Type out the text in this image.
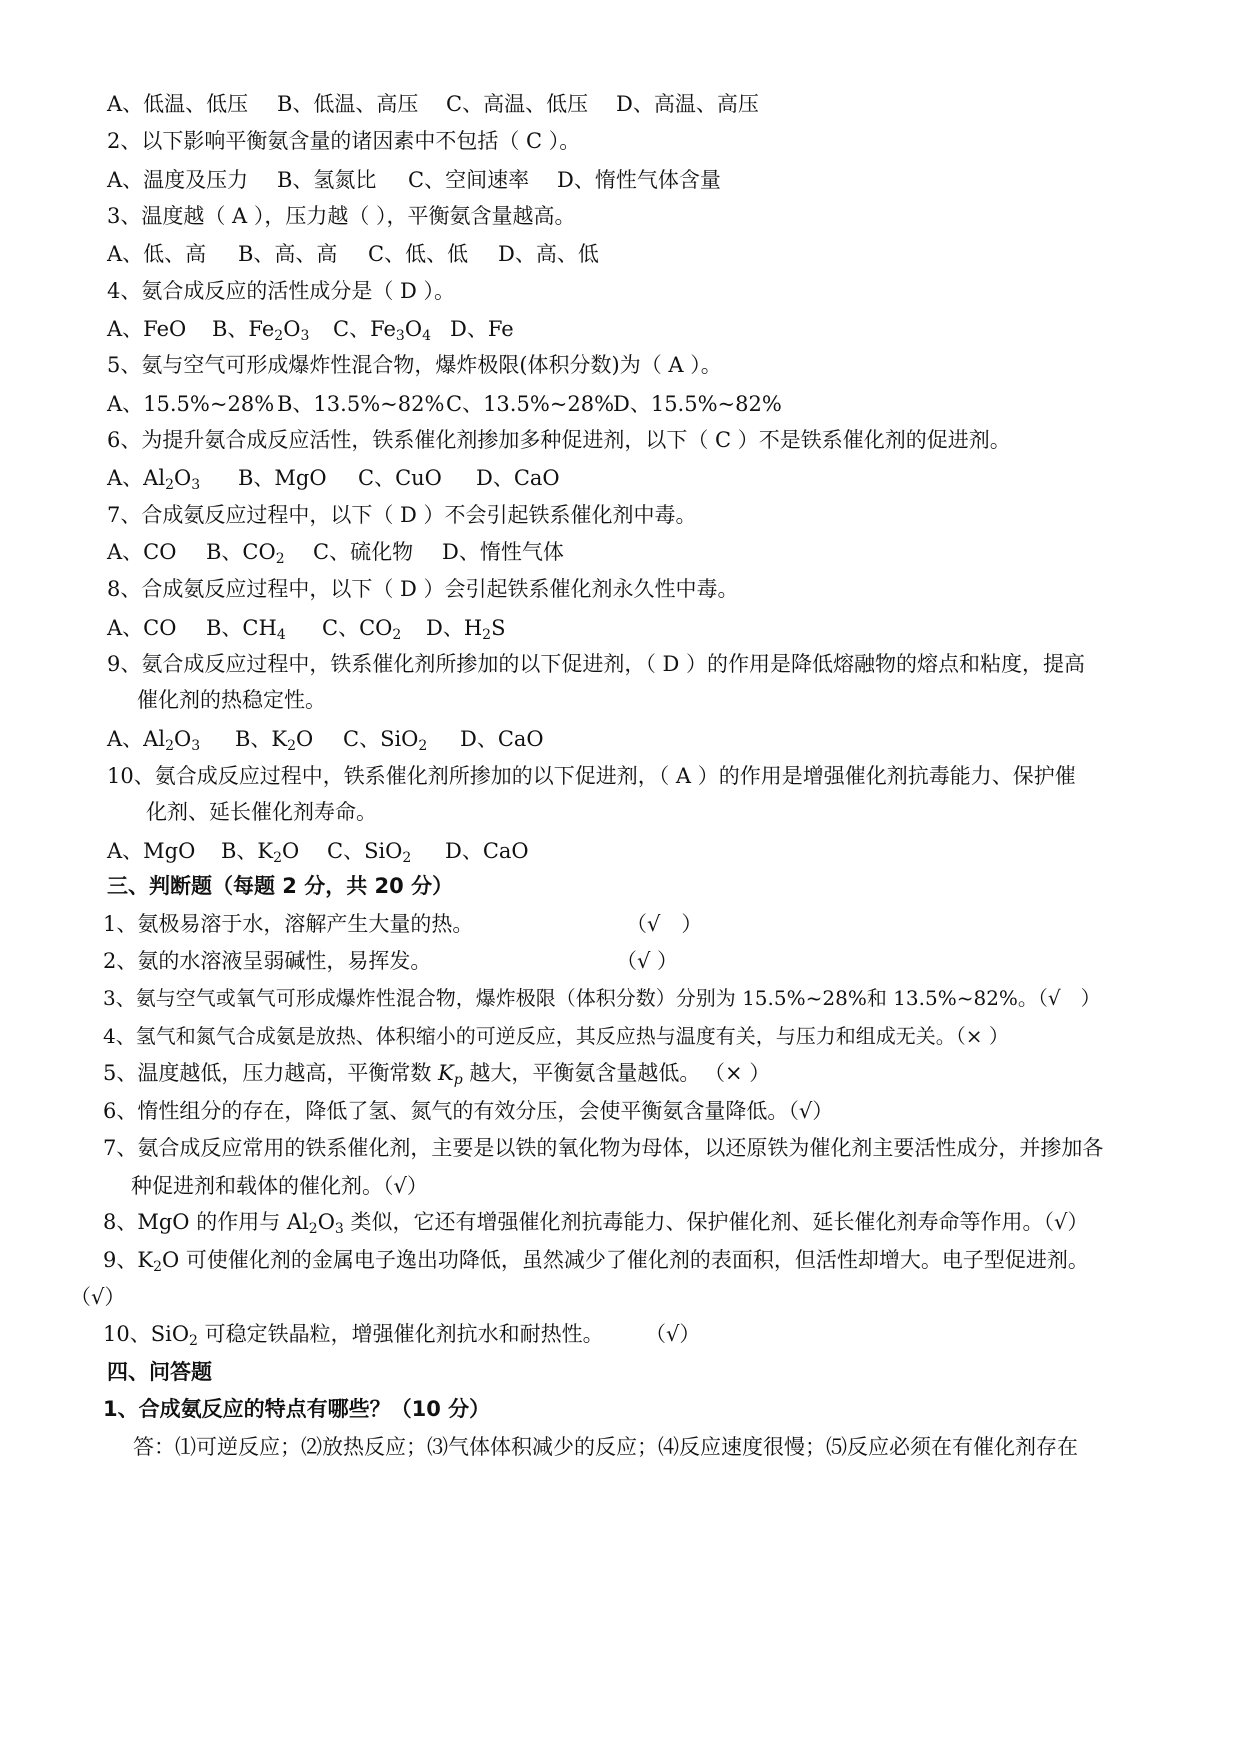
A、低温、低压 B、低温、高压 C、高温、低压 D、高温、高压
2、以下影响平衡氨含量的诸因素中不包括（ C ）。
A、温度及压力 B、氢氮比 C、空间速率 D、惰性气体含量
3、温度越（ A ），压力越（ ），平衡氨含量越高。
A、低、高 B、高、高 C、低、低 D、高、低
4、氨合成反应的活性成分是（ D ）。
A、FeO B、$Fe_2O_3$ C、$Fe_3O_4$ D、Fe
5、氨与空气可形成爆炸性混合物，爆炸极限(体积分数)为（ A ）。
A、15.5%~28% B、13.5%~82% C、13.5%~28%
D、15.5%~82%
6、为提升氨合成反应活性，铁系催化剂掺加多种促进剂，以下（ C ）不是铁系催化剂的促进剂。
A、$Al_2O_3$ B、MgO C、CuO D、CaO
7、合成氨反应过程中，以下（ D ）不会引起铁系催化剂中毒。
A、CO B、$CO_2$ C、硫化物 D、惰性气体
8、合成氨反应过程中，以下（ D ）会引起铁系催化剂永久性中毒。
A、CO B、$CH_4$ C、$CO_2$ D、$H_2S$
9、氨合成反应过程中，铁系催化剂所掺加的以下促进剂，（ D ）的作用是降低熔融物的熔点和粘度，提高
催化剂的热稳定性。
A、$Al_2O_3$ B、$K_2O$ C、SiO$_2$ D、CaO
10、氨合成反应过程中，铁系催化剂所掺加的以下促进剂，（ A ）的作用是增强催化剂抗毒能力、保护催
化剂、延长催化剂寿命。
A、MgO B、$K_2O$ C、SiO$_2$ D、CaO
三、判断题（每题 2 分，共 20 分）
1、氨极易溶于水，溶解产生大量的热。	（√　）
2、氨的水溶液呈弱碱性，易挥发。	（√ ）
3、氨与空气或氧气可形成爆炸性混合物，爆炸极限（体积分数）分别为 15.5%~28%和 13.5%~82%。（√　）
4、氢气和氮气合成氨是放热、体积缩小的可逆反应，其反应热与温度有关，与压力和组成无关。（× ）
5、温度越低，压力越高，平衡常数 $K_p$ 越大，平衡氨含量越低。 （× ）
6、惰性组分的存在，降低了氢、氮气的有效分压，会使平衡氨含量降低。（√）
7、氨合成反应常用的铁系催化剂，主要是以铁的氧化物为母体，以还原铁为催化剂主要活性成分，并掺加各
种促进剂和载体的催化剂。（√）
8、MgO 的作用与 $Al_2O_3$ 类似，它还有增强催化剂抗毒能力、保护催化剂、延长催化剂寿命等作用。（√）
9、$K_2O$ 可使催化剂的金属电子逸出功降低，虽然减少了催化剂的表面积，但活性却增大。电子型促进剂。
（√）
10、SiO$_2$ 可稳定铁晶粒，增强催化剂抗水和耐热性。 （√）
四、问答题
1、合成氨反应的特点有哪些？（10 分）
答：⑴可逆反应；⑵放热反应；⑶气体体积减少的反应；⑷反应速度很慢；⑸反应必须在有催化剂存在
